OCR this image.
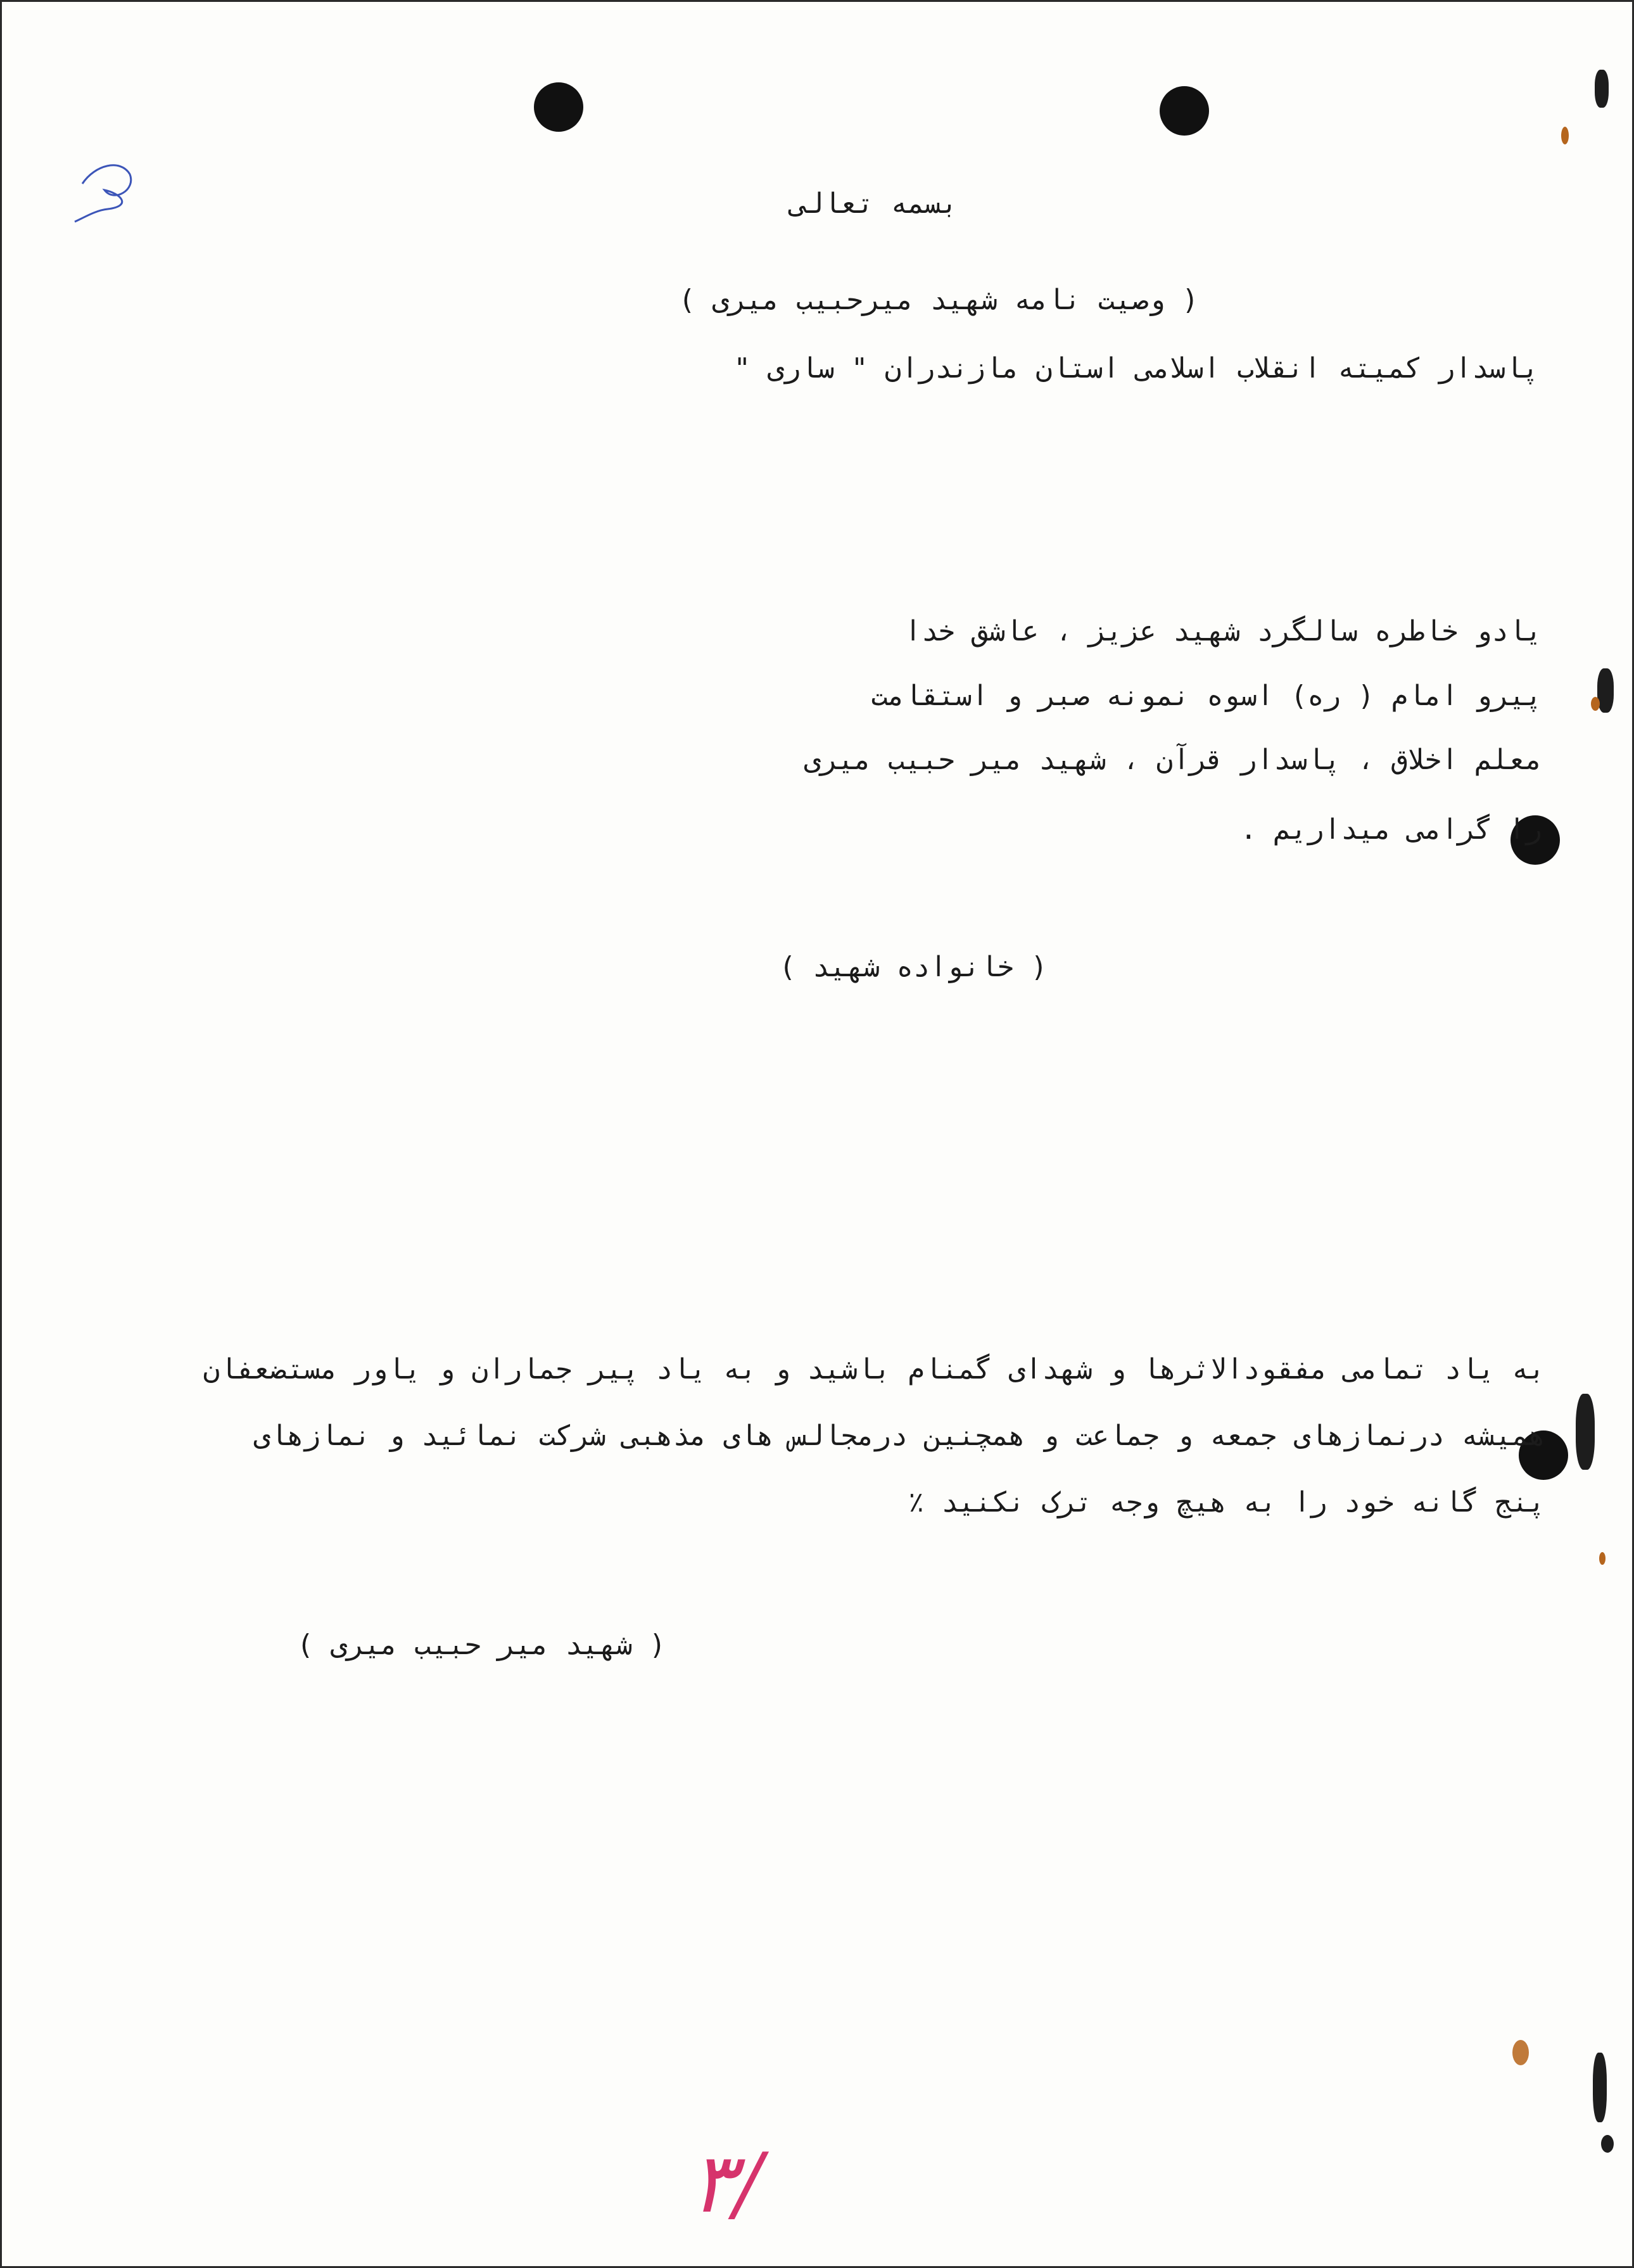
بسمه تعالی
( وصیت نامه شهید میرحبیب میری )
پاسدار کمیته انقلاب اسلامی استان مازندران " ساری "
یادو خاطره سالگرد شهید عزیز ، عاشق خدا
پیرو امام ( ره) اسوه نمونه صبر و استقامت
معلم اخلاق ، پاسدار قرآن ، شهید میر حبیب میری
را گرامی میداریم .
( خانواده شهید )
به یاد تمامی مفقودالاثرها و شهدای گمنام باشید و به یاد پیر جماران و یاور مستضعفان
همیشه درنمازهای جمعه و جماعت و همچنین درمجالس های مذهبی شرکت نمائید و نمازهای
پنج گانه خود را به هیچ وجه ترک نکنید ٪
( شهید میر حبیب میری )
۳/
